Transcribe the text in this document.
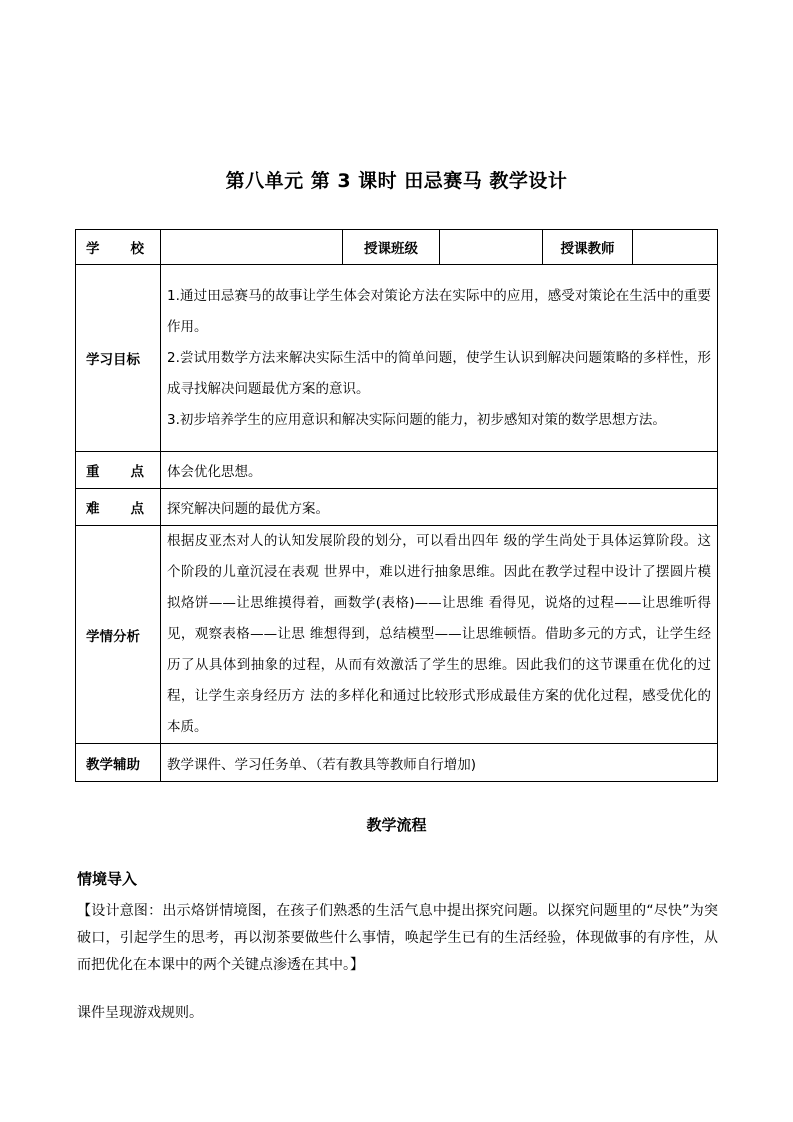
第八单元 第 3 课时 田忌赛马 教学设计
学 校		授课班级		授课教师	

学习目标	1.通过田忌赛马的故事让学生体会对策论方法在实际中的应用，感受对策论在生活中的重要作用。
2.尝试用数学方法来解决实际生活中的简单问题，使学生认识到解决问题策略的多样性，形成寻找解决问题最优方案的意识。
3.初步培养学生的应用意识和解决实际问题的能力，初步感知对策的数学思想方法。				

重 点	体会优化思想。				

难 点	探究解决问题的最优方案。				

学情分析	根据皮亚杰对人的认知发展阶段的划分，可以看出四年 级的学生尚处于具体运算阶段。这个阶段的儿童沉浸在表观 世界中，难以进行抽象思维。因此在教学过程中设计了摆圆片模拟烙饼——让思维摸得着，画数学(表格)——让思维 看得见，说烙的过程——让思维听得见，观察表格——让思 维想得到，总结模型——让思维顿悟。借助多元的方式，让学生经历了从具体到抽象的过程，从而有效激活了学生的思维。因此我们的这节课重在优化的过程，让学生亲身经历方 法的多样化和通过比较形式形成最佳方案的优化过程，感受优化的本质。				

教学辅助	教学课件、学习任务单、（若有教具等教师自行增加)				
教学流程
情境导入
【设计意图：出示烙饼情境图，在孩子们熟悉的生活气息中提出探究问题。以探究问题里的“尽快”为突破口，引起学生的思考，再以沏茶要做些什么事情，唤起学生已有的生活经验，体现做事的有序性，从而把优化在本课中的两个关键点渗透在其中。】
课件呈现游戏规则。
